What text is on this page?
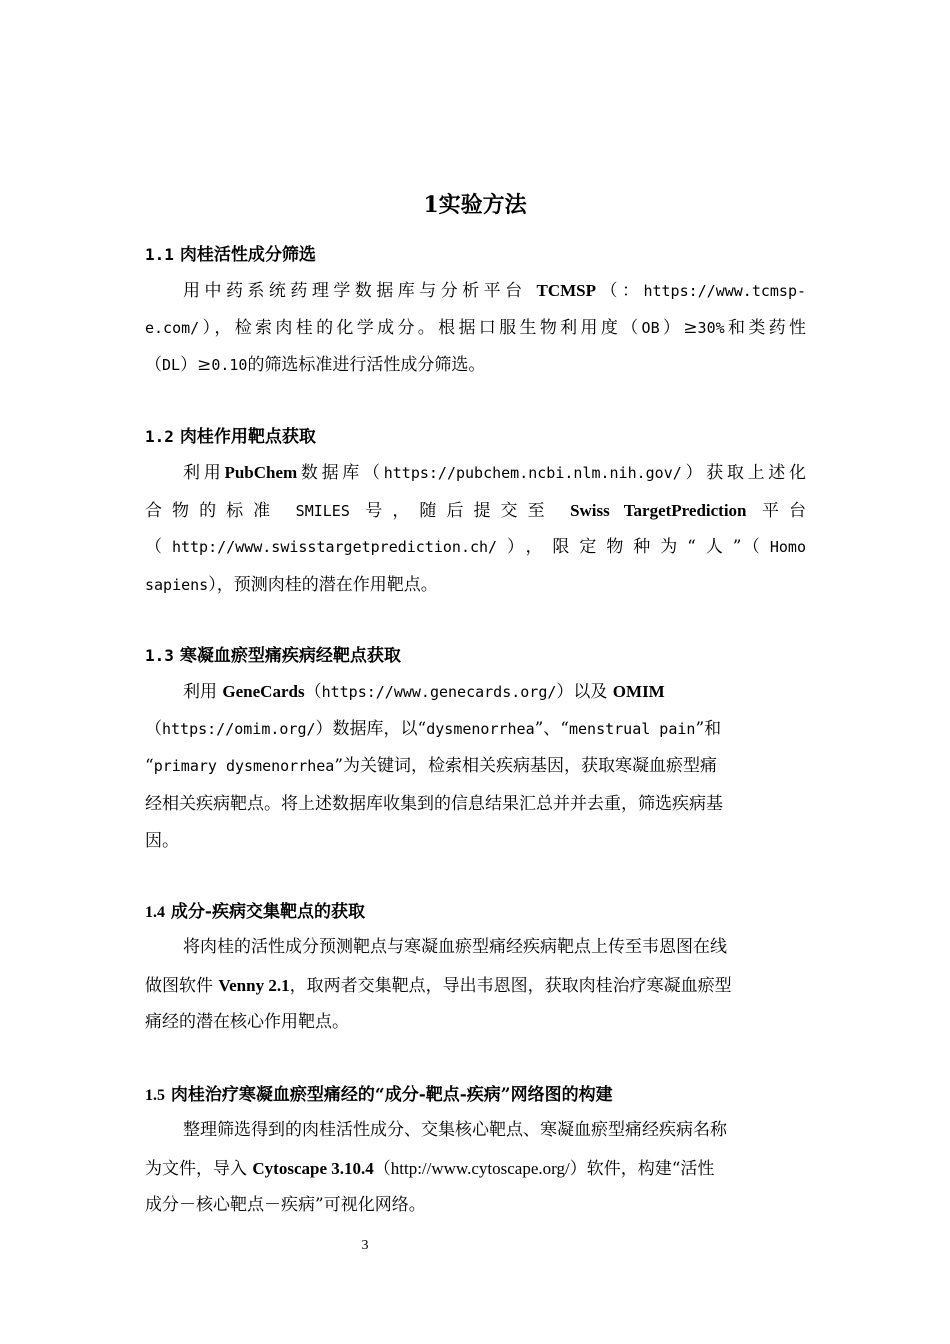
1实验方法
1.1 肉桂活性成分筛选
用中药系统药理学数据库与分析平台 TCMSP（：https://www.tcmsp-
e.com/），检索肉桂的化学成分。根据口服生物利用度（OB）≥30%和类药性
（DL）≥0.10的筛选标准进行活性成分筛选。
1.2 肉桂作用靶点获取
利用PubChem数据库（https://pubchem.ncbi.nlm.nih.gov/）获取上述化
合物的标准 SMILES 号，随后提交至 Swiss TargetPrediction 平台
（http://www.swisstargetprediction.ch/），限定物种为“人”（Homo
sapiens），预测肉桂的潜在作用靶点。
1.3 寒凝血瘀型痛疾病经靶点获取
利用 GeneCards（https://www.genecards.org/）以及 OMIM
（https://omim.org/）数据库，以“dysmenorrhea”、“menstrual pain”和
“primary dysmenorrhea”为关键词，检索相关疾病基因，获取寒凝血瘀型痛
经相关疾病靶点。将上述数据库收集到的信息结果汇总并并去重，筛选疾病基
因。
1.4 成分-疾病交集靶点的获取
将肉桂的活性成分预测靶点与寒凝血瘀型痛经疾病靶点上传至韦恩图在线
做图软件 Venny 2.1，取两者交集靶点，导出韦恩图，获取肉桂治疗寒凝血瘀型
痛经的潜在核心作用靶点。
1.5 肉桂治疗寒凝血瘀型痛经的“成分-靶点-疾病”网络图的构建
整理筛选得到的肉桂活性成分、交集核心靶点、寒凝血瘀型痛经疾病名称
为文件，导入 Cytoscape 3.10.4（http://www.cytoscape.org/）软件，构建“活性
成分－核心靶点－疾病”可视化网络。
3
